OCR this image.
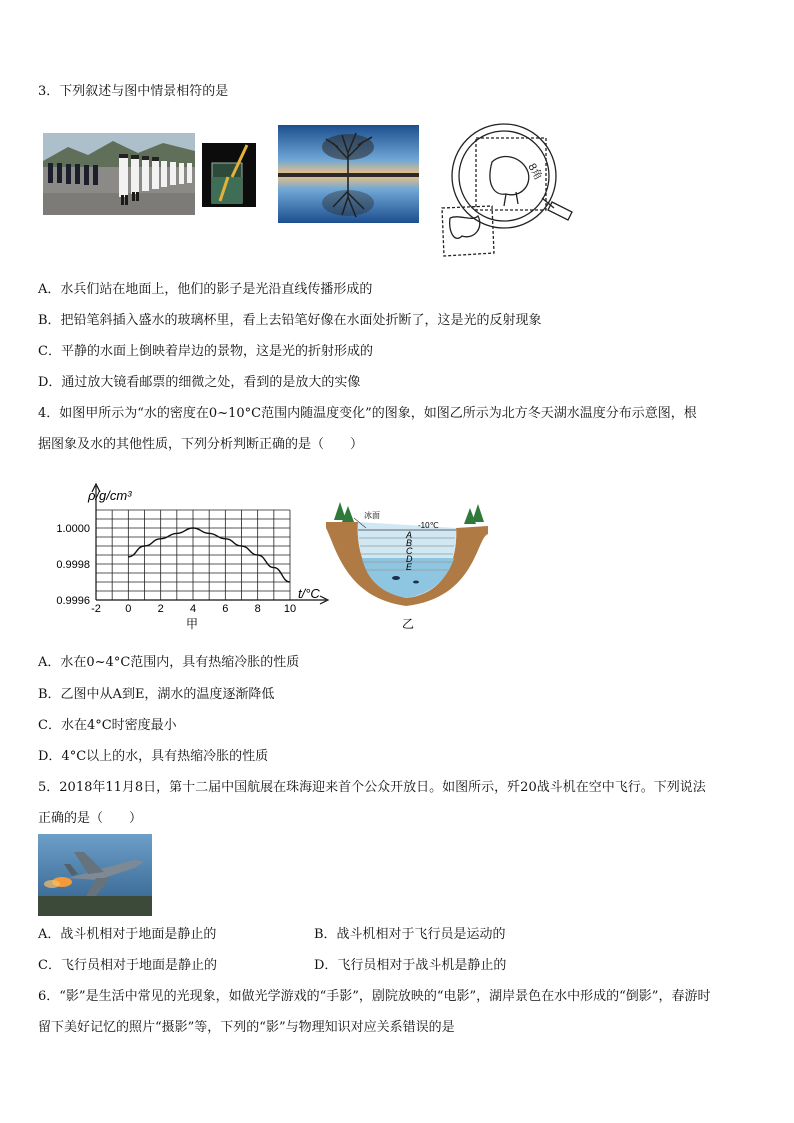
3．下列叙述与图中情景相符的是
8角
A．水兵们站在地面上，他们的影子是光沿直线传播形成的
B．把铅笔斜插入盛水的玻璃杯里，看上去铅笔好像在水面处折断了，这是光的反射现象
C．平静的水面上倒映着岸边的景物，这是光的折射形成的
D．通过放大镜看邮票的细微之处，看到的是放大的实像
4．如图甲所示为“水的密度在0~10°C范围内随温度变化”的图象，如图乙所示为北方冬天湖水温度分布示意图，根
据图象及水的其他性质，下列分析判断正确的是（　　）
-2 0 2 4 6 8 10
1.0000
0.9998
0.9996
ρ/g/cm³
t/°C
甲
冰面
-10℃
A
B
C
D
E
乙
A．水在0~4°C范围内，具有热缩冷胀的性质
B．乙图中从A到E，湖水的温度逐渐降低
C．水在4°C时密度最小
D．4°C以上的水，具有热缩冷胀的性质
5．2018年11月8日，第十二届中国航展在珠海迎来首个公众开放日。如图所示，歼20战斗机在空中飞行。下列说法
正确的是（　　）
A．战斗机相对于地面是静止的	B．战斗机相对于飞行员是运动的
C．飞行员相对于地面是静止的	D．飞行员相对于战斗机是静止的
6．“影”是生活中常见的光现象，如做光学游戏的“手影”，剧院放映的“电影”，湖岸景色在水中形成的“倒影”，春游时
留下美好记忆的照片“摄影”等，下列的“影”与物理知识对应关系错误的是
